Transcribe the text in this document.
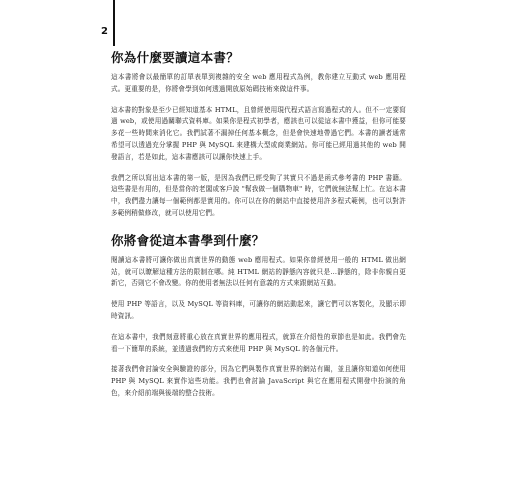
2
你為什麼要讀這本書？

這本書將會以最簡單的訂單表單到複雜的安全 web 應用程式為例，教你建立互動式 web 應用程式。更重要的是，你將會學到如何透過開放原始碼技術來做這件事。

這本書的對象是至少已經知道基本 HTML，且曾經使用現代程式語言寫過程式的人。但不一定要寫過 web，或使用過關聯式資料庫。如果你是程式初學者，應該也可以從這本書中獲益，但你可能要多花一些時間來消化它。我們試著不漏掉任何基本概念，但是會快速地帶過它們。本書的讀者通常希望可以透過充分掌握 PHP 與 MySQL 來建構大型或商業網站。你可能已經用過其他的 web 開發語言，若是如此，這本書應該可以讓你快速上手。

我們之所以寫出這本書的第一版，是因為我們已經受夠了其實只不過是函式參考書的 PHP 書籍。這些書是有用的，但是當你的老闆或客戶說 "幫我做一個購物車" 時，它們就無法幫上忙。在這本書中，我們盡力讓每一個範例都是實用的。你可以在你的網站中直接使用許多程式範例，也可以對許多範例稍做修改，就可以使用它們。

你將會從這本書學到什麼？

閱讀這本書將可讓你做出真實世界的動態 web 應用程式。如果你曾經使用一般的 HTML 做出網站，就可以瞭解這種方法的限制在哪。純 HTML 網站的靜態內容就只是...靜態的，除非你親自更新它，否則它不會改變。你的使用者無法以任何有意義的方式來跟網站互動。

使用 PHP 等語言，以及 MySQL 等資料庫，可讓你的網站動起來，讓它們可以客製化，及顯示即時資訊。

在這本書中，我們刻意將重心放在真實世界的應用程式，就算在介紹性的章節也是如此。我們會先看一下簡單的系統，並透過我們的方式來使用 PHP 與 MySQL 的各個元件。

接著我們會討論安全與驗證的部分，因為它們與製作真實世界的網站有關，並且讓你知道如何使用 PHP 與 MySQL 來實作這些功能。我們也會討論 JavaScript 與它在應用程式開發中扮演的角色，來介紹前端與後端的整合技術。
